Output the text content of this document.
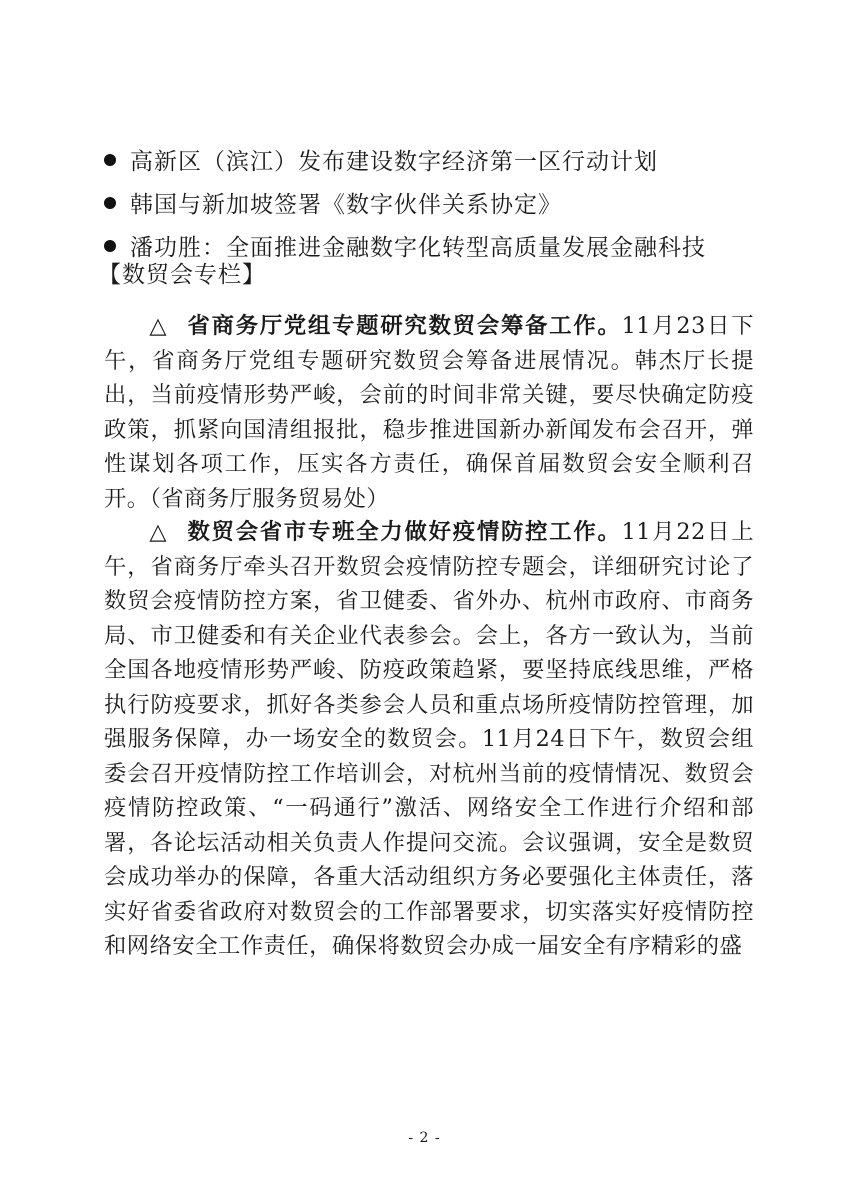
高新区（滨江）发布建设数字经济第一区行动计划
韩国与新加坡签署《数字伙伴关系协定》
潘功胜：全面推进金融数字化转型高质量发展金融科技
【数贸会专栏】

△ 省商务厅党组专题研究数贸会筹备工作。11月23日下午，省商务厅党组专题研究数贸会筹备进展情况。韩杰厅长提出，当前疫情形势严峻，会前的时间非常关键，要尽快确定防疫政策，抓紧向国清组报批，稳步推进国新办新闻发布会召开，弹性谋划各项工作，压实各方责任，确保首届数贸会安全顺利召开。（省商务厅服务贸易处）

△ 数贸会省市专班全力做好疫情防控工作。11月22日上午，省商务厅牵头召开数贸会疫情防控专题会，详细研究讨论了数贸会疫情防控方案，省卫健委、省外办、杭州市政府、市商务局、市卫健委和有关企业代表参会。会上，各方一致认为，当前全国各地疫情形势严峻、防疫政策趋紧，要坚持底线思维，严格执行防疫要求，抓好各类参会人员和重点场所疫情防控管理，加强服务保障，办一场安全的数贸会。11月24日下午，数贸会组委会召开疫情防控工作培训会，对杭州当前的疫情情况、数贸会疫情防控政策、“一码通行”激活、网络安全工作进行介绍和部署，各论坛活动相关负责人作提问交流。会议强调，安全是数贸会成功举办的保障，各重大活动组织方务必要强化主体责任，落实好省委省政府对数贸会的工作部署要求，切实落实好疫情防控和网络安全工作责任，确保将数贸会办成一届安全有序精彩的盛

- 2 -
